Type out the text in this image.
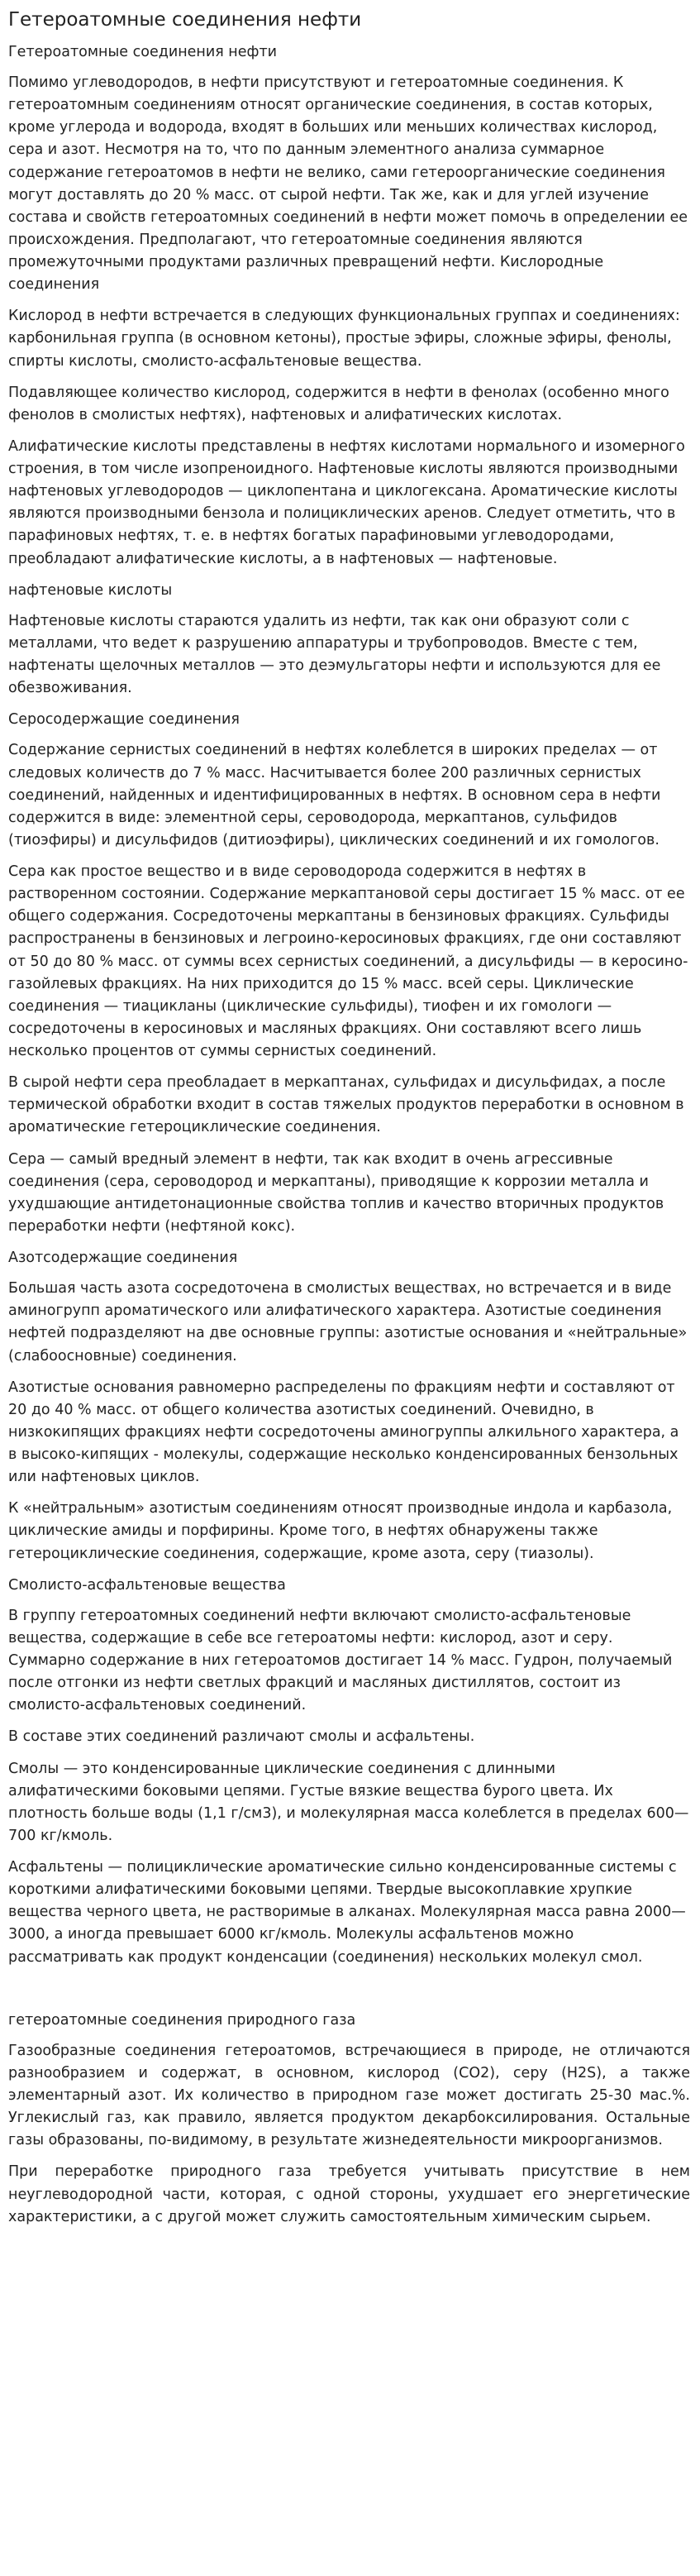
Гетероатомные соединения нефти

Гетероатомные соединения нефти

Помимо углеводородов, в нефти присутствуют и гетероатомные соединения. К гетероатомным соединениям относят органические соединения, в состав которых, кроме углерода и водорода, входят в больших или меньших количествах кислород, сера и азот. Несмотря на то, что по данным элементного анализа суммарное содержание гетероатомов в нефти не велико, сами гетероорганические соединения могут доставлять до 20 % масс. от сырой нефти. Так же, как и для углей изучение состава и свойств гетероатомных соединений в нефти может помочь в определении ее происхождения. Предполагают, что гетероатомные соединения являются промежуточными продуктами различных превращений нефти. Кислородные соединения

Кислород в нефти встречается в следующих функциональных группах и соединениях: карбонильная группа (в основном кетоны), простые эфиры, сложные эфиры, фенолы, спирты кислоты, смолисто-асфальтеновые вещества.

Подавляющее количество кислород, содержится в нефти в фенолах (особенно много фенолов в смолистых нефтях), нафтеновых и алифатических кислотах.

Алифатические кислоты представлены в нефтях кислотами нормального и изомерного строения, в том числе изопреноидного. Нафтеновые кислоты являются производными нафтеновых углеводородов — циклопентана и циклогексана. Ароматические кислоты являются производными бензола и полициклических аренов. Следует отметить, что в парафиновых нефтях, т. е. в нефтях богатых парафиновыми углеводородами, преобладают алифатические кислоты, а в нафтеновых — нафтеновые.

нафтеновые кислоты

Нафтеновые кислоты стараются удалить из нефти, так как они образуют соли с металлами, что ведет к разрушению аппаратуры и трубопроводов. Вместе с тем, нафтенаты щелочных металлов — это деэмульгаторы нефти и используются для ее обезвоживания.

Серосодержащие соединения

Содержание сернистых соединений в нефтях колеблется в широких пределах — от следовых количеств до 7 % масс. Насчитывается более 200 различных сернистых соединений, найденных и идентифицированных в нефтях. В основном сера в нефти содержится в виде: элементной серы, сероводорода, меркаптанов, сульфидов (тиоэфиры) и дисульфидов (дитиоэфиры), циклических соединений и их гомологов.

Сера как простое вещество и в виде сероводорода содержится в нефтях в растворенном состоянии. Содержание меркаптановой серы достигает 15 % масс. от ее общего содержания. Сосредоточены меркаптаны в бензиновых фракциях. Сульфиды распространены в бензиновых и легроино-керосиновых фракциях, где они составляют от 50 до 80 % масс. от суммы всех сернистых соединений, а дисульфиды — в керосино-газойлевых фракциях. На них приходится до 15 % масс. всей серы. Циклические соединения — тиацикланы (циклические сульфиды), тиофен и их гомологи — сосредоточены в керосиновых и масляных фракциях. Они составляют всего лишь несколько процентов от суммы сернистых соединений.

В сырой нефти сера преобладает в меркаптанах, сульфидах и дисульфидах, а после термической обработки входит в состав тяжелых продуктов переработки в основном в ароматические гетероциклические соединения.

Сера — самый вредный элемент в нефти, так как входит в очень агрессивные соединения (сера, сероводород и меркаптаны), приводящие к коррозии металла и ухудшающие антидетонационные свойства топлив и качество вторичных продуктов переработки нефти (нефтяной кокс).

Азотсодержащие соединения

Большая часть азота сосредоточена в смолистых веществах, но встречается и в виде аминогрупп ароматического или алифатического характера. Азотистые соединения нефтей подразделяют на две основные группы: азотистые основания и «нейтральные» (слабоосновные) соединения.

Азотистые основания равномерно распределены по фракциям нефти и составляют от 20 до 40 % масс. от общего количества азотистых соединений. Очевидно, в низкокипящих фракциях нефти сосредоточены аминогруппы алкильного характера, а в высоко-кипящих - молекулы, содержащие несколько конденсированных бензольных или нафтеновых циклов.

К «нейтральным» азотистым соединениям относят производные индола и карбазола, циклические амиды и порфирины. Кроме того, в нефтях обнаружены также гетероциклические соединения, содержащие, кроме азота, серу (тиазолы).

Смолисто-асфальтеновые вещества

В группу гетероатомных соединений нефти включают смолисто-асфальтеновые вещества, содержащие в себе все гетероатомы нефти: кислород, азот и серу. Суммарно содержание в них гетероатомов достигает 14 % масс. Гудрон, получаемый после отгонки из нефти светлых фракций и масляных дистиллятов, состоит из смолисто-асфальтеновых соединений.

В составе этих соединений различают смолы и асфальтены.

Смолы — это конденсированные циклические соединения с длинными алифатическими боковыми цепями. Густые вязкие вещества бурого цвета. Их плотность больше воды (1,1 г/см3), и молекулярная масса колеблется в пределах 600—700 кг/кмоль.

Асфальтены — полициклические ароматические сильно конденсированные системы с короткими алифатическими боковыми цепями. Твердые высокоплавкие хрупкие вещества черного цвета, не растворимые в алканах. Молекулярная масса равна 2000—3000, а иногда превышает 6000 кг/кмоль. Молекулы асфальтенов можно рассматривать как продукт конденсации (соединения) нескольких молекул смол.

гетероатомные соединения природного газа

Газообразные соединения гетероатомов, встречающиеся в природе, не отличаются разнообразием и содержат, в основном, кислород (CO2), серу (H2S), а также элементарный азот. Их количество в природном газе может достигать 25-30 мас.%. Углекислый газ, как правило, является продуктом декарбоксилирования. Остальные газы образованы, по-видимому, в результате жизнедеятельности микроорганизмов.

При переработке природного газа требуется учитывать присутствие в нем неуглеводородной части, которая, с одной стороны, ухудшает его энергетические характеристики, а с другой может служить самостоятельным химическим сырьем.
